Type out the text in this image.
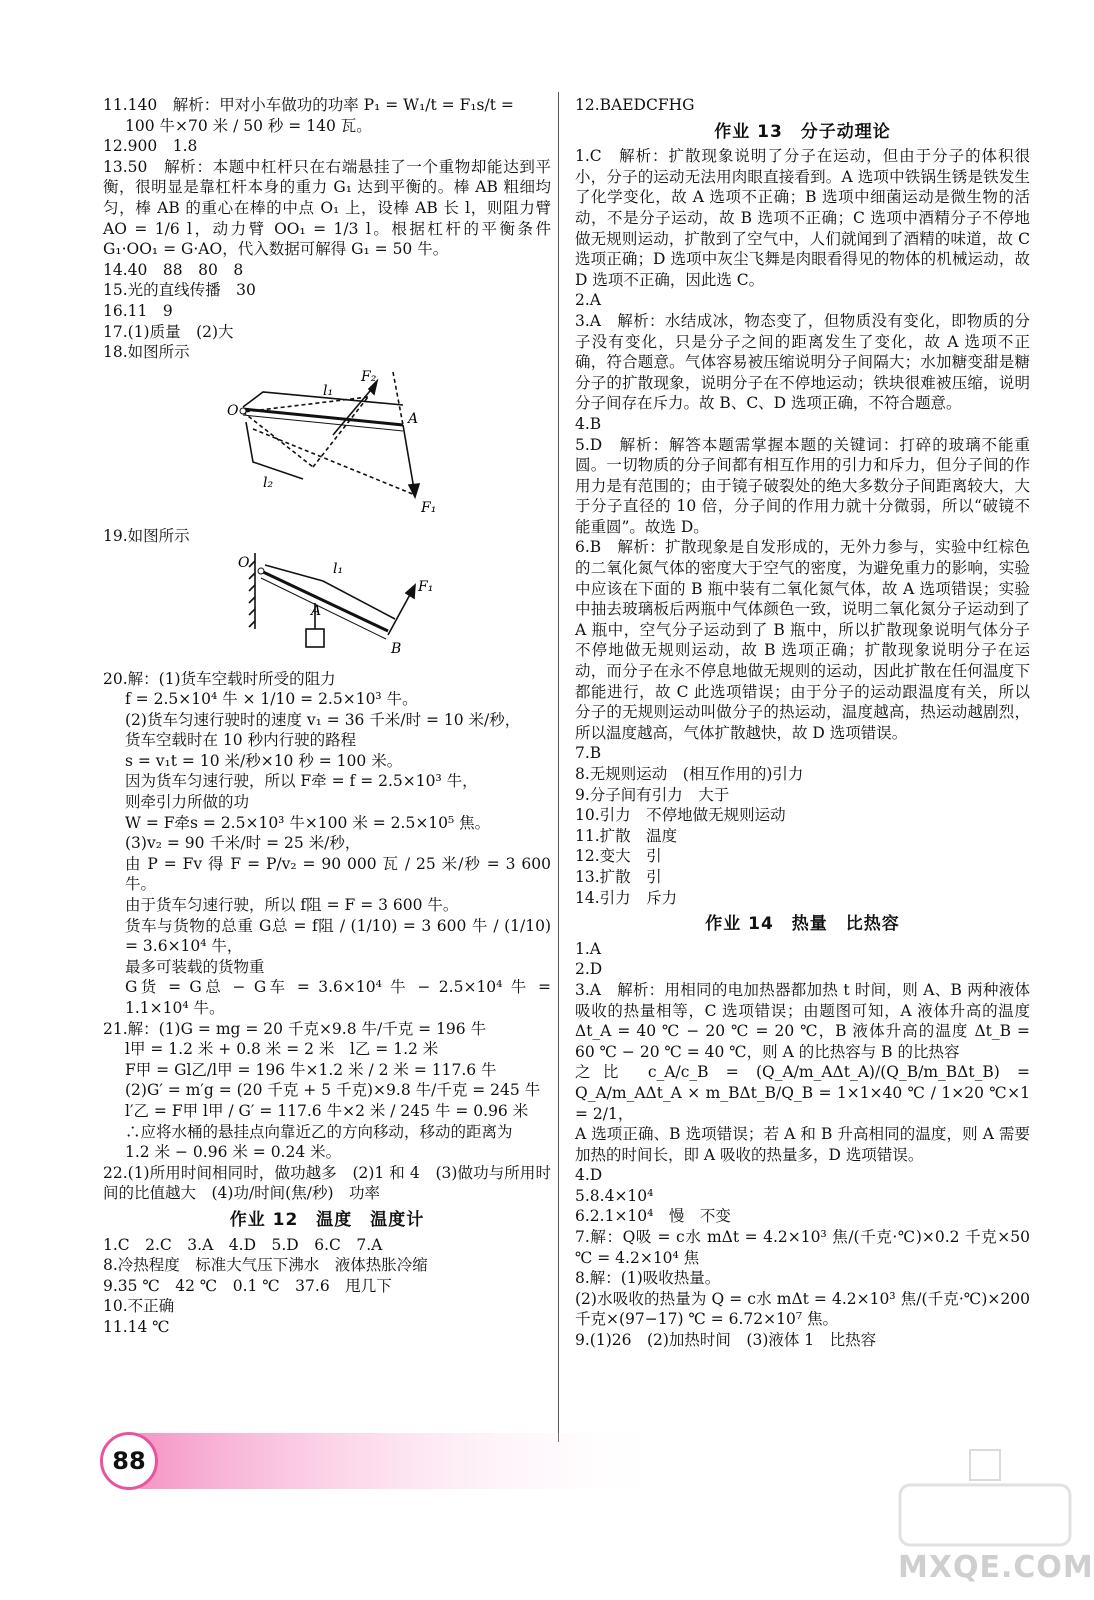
11.140　解析：甲对小车做功的功率 P₁ = W₁/t = F₁s/t =

100 牛×70 米 / 50 秒 = 140 瓦。

12.900　1.8

13.50　解析：本题中杠杆只在右端悬挂了一个重物却能达到平衡，很明显是靠杠杆本身的重力 G₁ 达到平衡的。棒 AB 粗细均匀，棒 AB 的重心在棒的中点 O₁ 上，设棒 AB 长 l，则阻力臂 AO = 1/6 l，动力臂 OO₁ = 1/3 l。根据杠杆的平衡条件 G₁·OO₁ = G·AO，代入数据可解得 G₁ = 50 牛。

14.40　88　80　8

15.光的直线传播　30

16.11　9

17.(1)质量　(2)大

18.如图所示

O	A
l₁
F₂
l₂
F₁

19.如图所示

O	l₁
A
B
F₁

20.解：(1)货车空载时所受的阻力

f = 2.5×10⁴ 牛 × 1/10 = 2.5×10³ 牛。

(2)货车匀速行驶时的速度 v₁ = 36 千米/时 = 10 米/秒，

货车空载时在 10 秒内行驶的路程

s = v₁t = 10 米/秒×10 秒 = 100 米。

因为货车匀速行驶，所以 F牵 = f = 2.5×10³ 牛，

则牵引力所做的功

W = F牵s = 2.5×10³ 牛×100 米 = 2.5×10⁵ 焦。

(3)v₂ = 90 千米/时 = 25 米/秒，

由 P = Fv 得 F = P/v₂ = 90 000 瓦 / 25 米/秒 = 3 600 牛。

由于货车匀速行驶，所以 f阻 = F = 3 600 牛。

货车与货物的总重 G总 = f阻 / (1/10) = 3 600 牛 / (1/10) = 3.6×10⁴ 牛，

最多可装载的货物重

G货 = G总 − G车 = 3.6×10⁴ 牛 − 2.5×10⁴ 牛 = 1.1×10⁴ 牛。

21.解：(1)G = mg = 20 千克×9.8 牛/千克 = 196 牛

l甲 = 1.2 米 + 0.8 米 = 2 米　l乙 = 1.2 米

F甲 = Gl乙/l甲 = 196 牛×1.2 米 / 2 米 = 117.6 牛

(2)G′ = m′g = (20 千克 + 5 千克)×9.8 牛/千克 = 245 牛

l′乙 = F甲 l甲 / G′ = 117.6 牛×2 米 / 245 牛 = 0.96 米

∴应将水桶的悬挂点向靠近乙的方向移动，移动的距离为

1.2 米 − 0.96 米 = 0.24 米。

22.(1)所用时间相同时，做功越多　(2)1 和 4　(3)做功与所用时间的比值越大　(4)功/时间(焦/秒)　功率

作业 12　温度　温度计

1.C　2.C　3.A　4.D　5.D　6.C　7.A

8.冷热程度　标准大气压下沸水　液体热胀冷缩

9.35 ℃　42 ℃　0.1 ℃　37.6　甩几下

10.不正确

11.14 ℃

12.BAEDCFHG

作业 13　分子动理论

1.C　解析：扩散现象说明了分子在运动，但由于分子的体积很小，分子的运动无法用肉眼直接看到。A 选项中铁锅生锈是铁发生了化学变化，故 A 选项不正确；B 选项中细菌运动是微生物的活动，不是分子运动，故 B 选项不正确；C 选项中酒精分子不停地做无规则运动，扩散到了空气中，人们就闻到了酒精的味道，故 C 选项正确；D 选项中灰尘飞舞是肉眼看得见的物体的机械运动，故 D 选项不正确，因此选 C。

2.A

3.A　解析：水结成冰，物态变了，但物质没有变化，即物质的分子没有变化，只是分子之间的距离发生了变化，故 A 选项不正确，符合题意。气体容易被压缩说明分子间隔大；水加糖变甜是糖分子的扩散现象，说明分子在不停地运动；铁块很难被压缩，说明分子间存在斥力。故 B、C、D 选项正确，不符合题意。

4.B

5.D　解析：解答本题需掌握本题的关键词：打碎的玻璃不能重圆。一切物质的分子间都有相互作用的引力和斥力，但分子间的作用力是有范围的；由于镜子破裂处的绝大多数分子间距离较大，大于分子直径的 10 倍，分子间的作用力就十分微弱，所以“破镜不能重圆”。故选 D。

6.B　解析：扩散现象是自发形成的，无外力参与，实验中红棕色的二氧化氮气体的密度大于空气的密度，为避免重力的影响，实验中应该在下面的 B 瓶中装有二氧化氮气体，故 A 选项错误；实验中抽去玻璃板后两瓶中气体颜色一致，说明二氧化氮分子运动到了 A 瓶中，空气分子运动到了 B 瓶中，所以扩散现象说明气体分子不停地做无规则运动，故 B 选项正确；扩散现象说明分子在运动，而分子在永不停息地做无规则的运动，因此扩散在任何温度下都能进行，故 C 此选项错误；由于分子的运动跟温度有关，所以分子的无规则运动叫做分子的热运动，温度越高，热运动越剧烈，所以温度越高，气体扩散越快，故 D 选项错误。

7.B

8.无规则运动　(相互作用的)引力

9.分子间有引力　大于

10.引力　不停地做无规则运动

11.扩散　温度

12.变大　引

13.扩散　引

14.引力　斥力

作业 14　热量　比热容

1.A

2.D

3.A　解析：用相同的电加热器都加热 t 时间，则 A、B 两种液体吸收的热量相等，C 选项错误；由题图可知，A 液体升高的温度 Δt_A = 40 ℃ − 20 ℃ = 20 ℃，B 液体升高的温度 Δt_B = 60 ℃ − 20 ℃ = 40 ℃，则 A 的比热容与 B 的比热容

之比 c_A/c_B = (Q_A/m_AΔt_A)/(Q_B/m_BΔt_B) = Q_A/m_AΔt_A × m_BΔt_B/Q_B = 1×1×40 ℃ / 1×20 ℃×1 = 2/1，

A 选项正确、B 选项错误；若 A 和 B 升高相同的温度，则 A 需要加热的时间长，即 A 吸收的热量多，D 选项错误。

4.D

5.8.4×10⁴

6.2.1×10⁴　慢　不变

7.解：Q吸 = c水 mΔt = 4.2×10³ 焦/(千克·℃)×0.2 千克×50 ℃ = 4.2×10⁴ 焦

8.解：(1)吸收热量。

(2)水吸收的热量为 Q = c水 mΔt = 4.2×10³ 焦/(千克·℃)×200 千克×(97−17) ℃ = 6.72×10⁷ 焦。

9.(1)26　(2)加热时间　(3)液体 1　比热容

88
MXQE.COM
